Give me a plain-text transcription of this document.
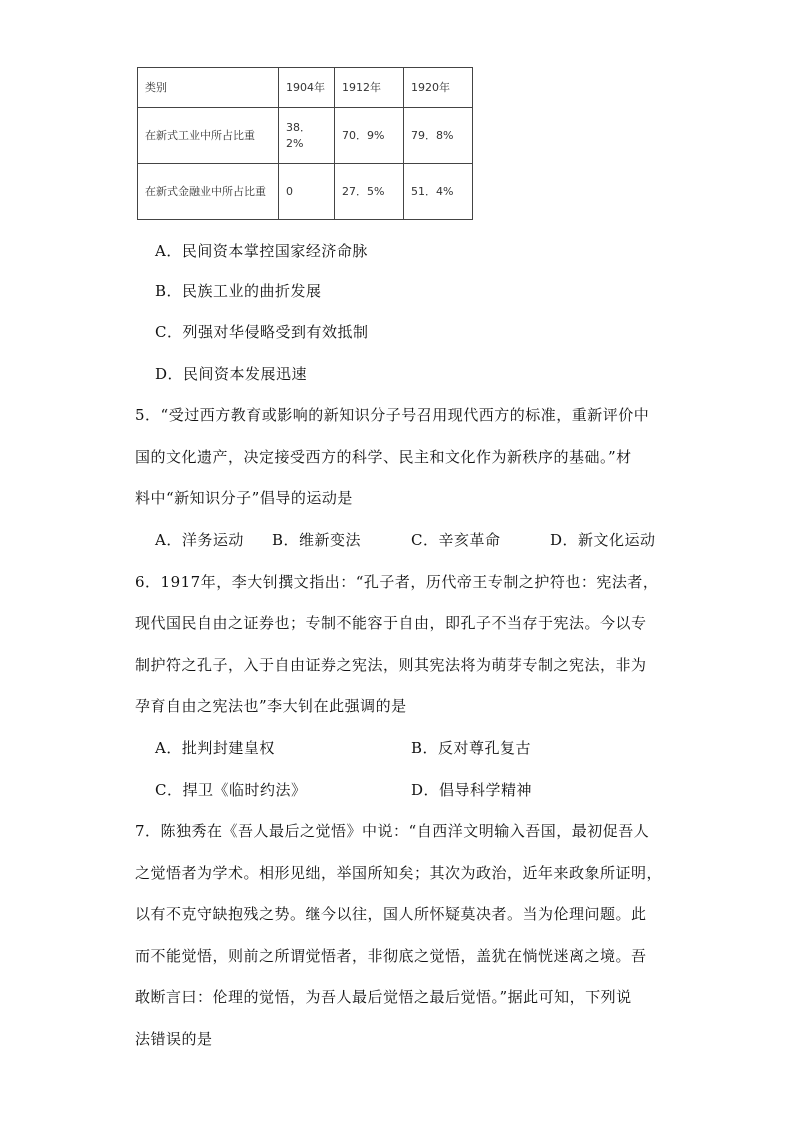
类别	1904年	1912年	1920年
在新式工业中所占比重	38．2%	70．9%	79．8%
在新式金融业中所占比重	0	27．5%	51．4%
A．民间资本掌控国家经济命脉
B．民族工业的曲折发展
C．列强对华侵略受到有效抵制
D．民间资本发展迅速
5．“受过西方教育或影响的新知识分子号召用现代西方的标准，重新评价中
国的文化遗产，决定接受西方的科学、民主和文化作为新秩序的基础。”材
料中“新知识分子”倡导的运动是
A．洋务运动 B．维新变法	C．辛亥革命	D．新文化运动
6．1917年，李大钊撰文指出：“孔子者，历代帝王专制之护符也：宪法者，
现代国民自由之证券也；专制不能容于自由，即孔子不当存于宪法。今以专
制护符之孔子，入于自由证券之宪法，则其宪法将为萌芽专制之宪法，非为
孕育自由之宪法也”李大钊在此强调的是
A．批判封建皇权	B．反对尊孔复古
C．捍卫《临时约法》	D．倡导科学精神
7．陈独秀在《吾人最后之觉悟》中说：“自西洋文明输入吾国，最初促吾人
之觉悟者为学术。相形见绌，举国所知矣；其次为政治，近年来政象所证明，
以有不克守缺抱残之势。继今以往，国人所怀疑莫决者。当为伦理问题。此
而不能觉悟，则前之所谓觉悟者，非彻底之觉悟，盖犹在惝恍迷离之境。吾
敢断言曰：伦理的觉悟，为吾人最后觉悟之最后觉悟。”据此可知，下列说
法错误的是
